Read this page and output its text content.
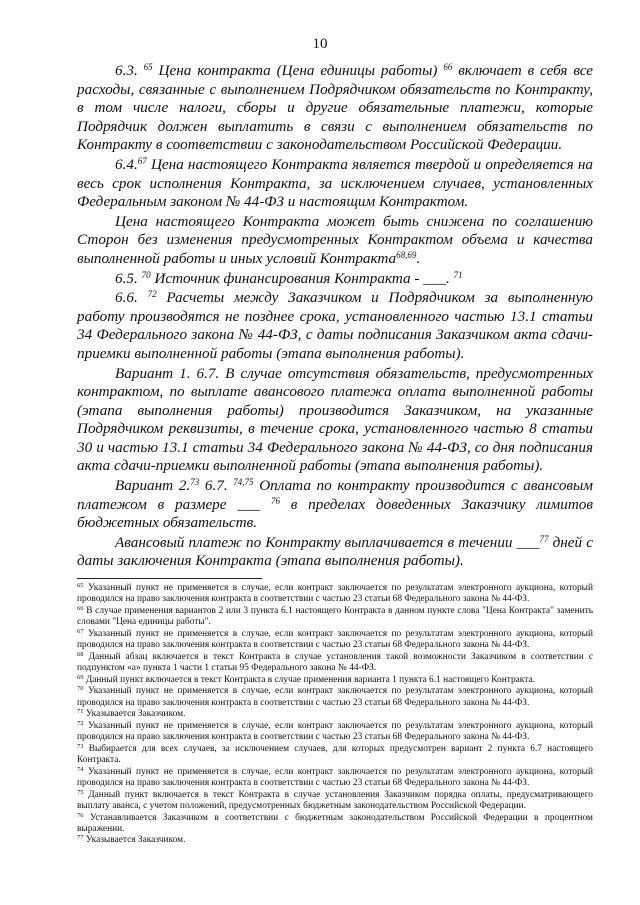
10

6.3. $^{65}$ Цена контракта (Цена единицы работы) $^{66}$ включает в себя все расходы, связанные с выполнением Подрядчиком обязательств по Контракту, в том числе налоги, сборы и другие обязательные платежи, которые Подрядчик должен выплатить в связи с выполнением обязательств по Контракту в соответствии с законодательством Российской Федерации.

6.4.67 Цена настоящего Контракта является твердой и определяется на весь срок исполнения Контракта, за исключением случаев, установленных Федеральным законом № 44-ФЗ и настоящим Контрактом.

Цена настоящего Контракта может быть снижена по соглашению Сторон без изменения предусмотренных Контрактом объема и качества выполненной работы и иных условий Контракта$^{68,69}$.

6.5. $^{70}$ Источник финансирования Контракта - ___. $^{71}$

6.6. $^{72}$ Расчеты между Заказчиком и Подрядчиком за выполненную работу производятся не позднее срока, установленного частью 13.1 статьи 34 Федерального закона № 44-ФЗ, с даты подписания Заказчиком акта сдачи-приемки выполненной работы (этапа выполнения работы).

Вариант 1. 6.7. В случае отсутствия обязательств, предусмотренных контрактом, по выплате авансового платежа оплата выполненной работы (этапа выполнения работы) производится Заказчиком, на указанные Подрядчиком реквизиты, в течение срока, установленного частью 8 статьи 30 и частью 13.1 статьи 34 Федерального закона № 44-ФЗ, со дня подписания акта сдачи-приемки выполненной работы (этапа выполнения работы).

Вариант 2.73 6.7. $^{74,75}$ Оплата по контракту производится с авансовым платежом в размере ___ $^{76}$ в пределах доведенных Заказчику лимитов бюджетных обязательств.

Авансовый платеж по Контракту выплачивается в течении ___$^{77}$ дней с даты заключения Контракта (этапа выполнения работы).

$^{65}$ Указанный пункт не применяется в случае, если контракт заключается по результатам электронного аукциона, который проводился на право заключения контракта в соответствии с частью 23 статьи 68 Федерального закона № 44-ФЗ.

$^{66}$ В случае применения вариантов 2 или 3 пункта 6.1 настоящего Контракта в данном пункте слова "Цена Контракта" заменить словами "Цена единицы работы".

$^{67}$ Указанный пункт не применяется в случае, если контракт заключается по результатам электронного аукциона, который проводился на право заключения контракта в соответствии с частью 23 статьи 68 Федерального закона № 44-ФЗ.

$^{68}$ Данный абзац включается в текст Контракта в случае установления такой возможности Заказчиком в соответствии с подпунктом «а» пункта 1 части 1 статьи 95 Федерального закона № 44-ФЗ.

$^{69}$ Данный пункт включается в текст Контракта в случае применения варианта 1 пункта 6.1 настоящего Контракта.

$^{70}$ Указанный пункт не применяется в случае, если контракт заключается по результатам электронного аукциона, который проводился на право заключения контракта в соответствии с частью 23 статьи 68 Федерального закона № 44-ФЗ.

$^{71}$ Указывается Заказчиком.

$^{72}$ Указанный пункт не применяется в случае, если контракт заключается по результатам электронного аукциона, который проводился на право заключения контракта в соответствии с частью 23 статьи 68 Федерального закона № 44-ФЗ.

$^{73}$ Выбирается для всех случаев, за исключением случаев, для которых предусмотрен вариант 2 пункта 6.7 настоящего Контракта.

$^{74}$ Указанный пункт не применяется в случае, если контракт заключается по результатам электронного аукциона, который проводился на право заключения контракта в соответствии с частью 23 статьи 68 Федерального закона № 44-ФЗ.

$^{75}$ Данный пункт включается в текст Контракта в случае установления Заказчиком порядка оплаты, предусматривающего выплату аванса, с учетом положений, предусмотренных бюджетным законодательством Российской Федерации.

$^{76}$ Устанавливается Заказчиком в соответствии с бюджетным законодательством Российской Федерации в процентном выражении.

$^{77}$ Указывается Заказчиком.
